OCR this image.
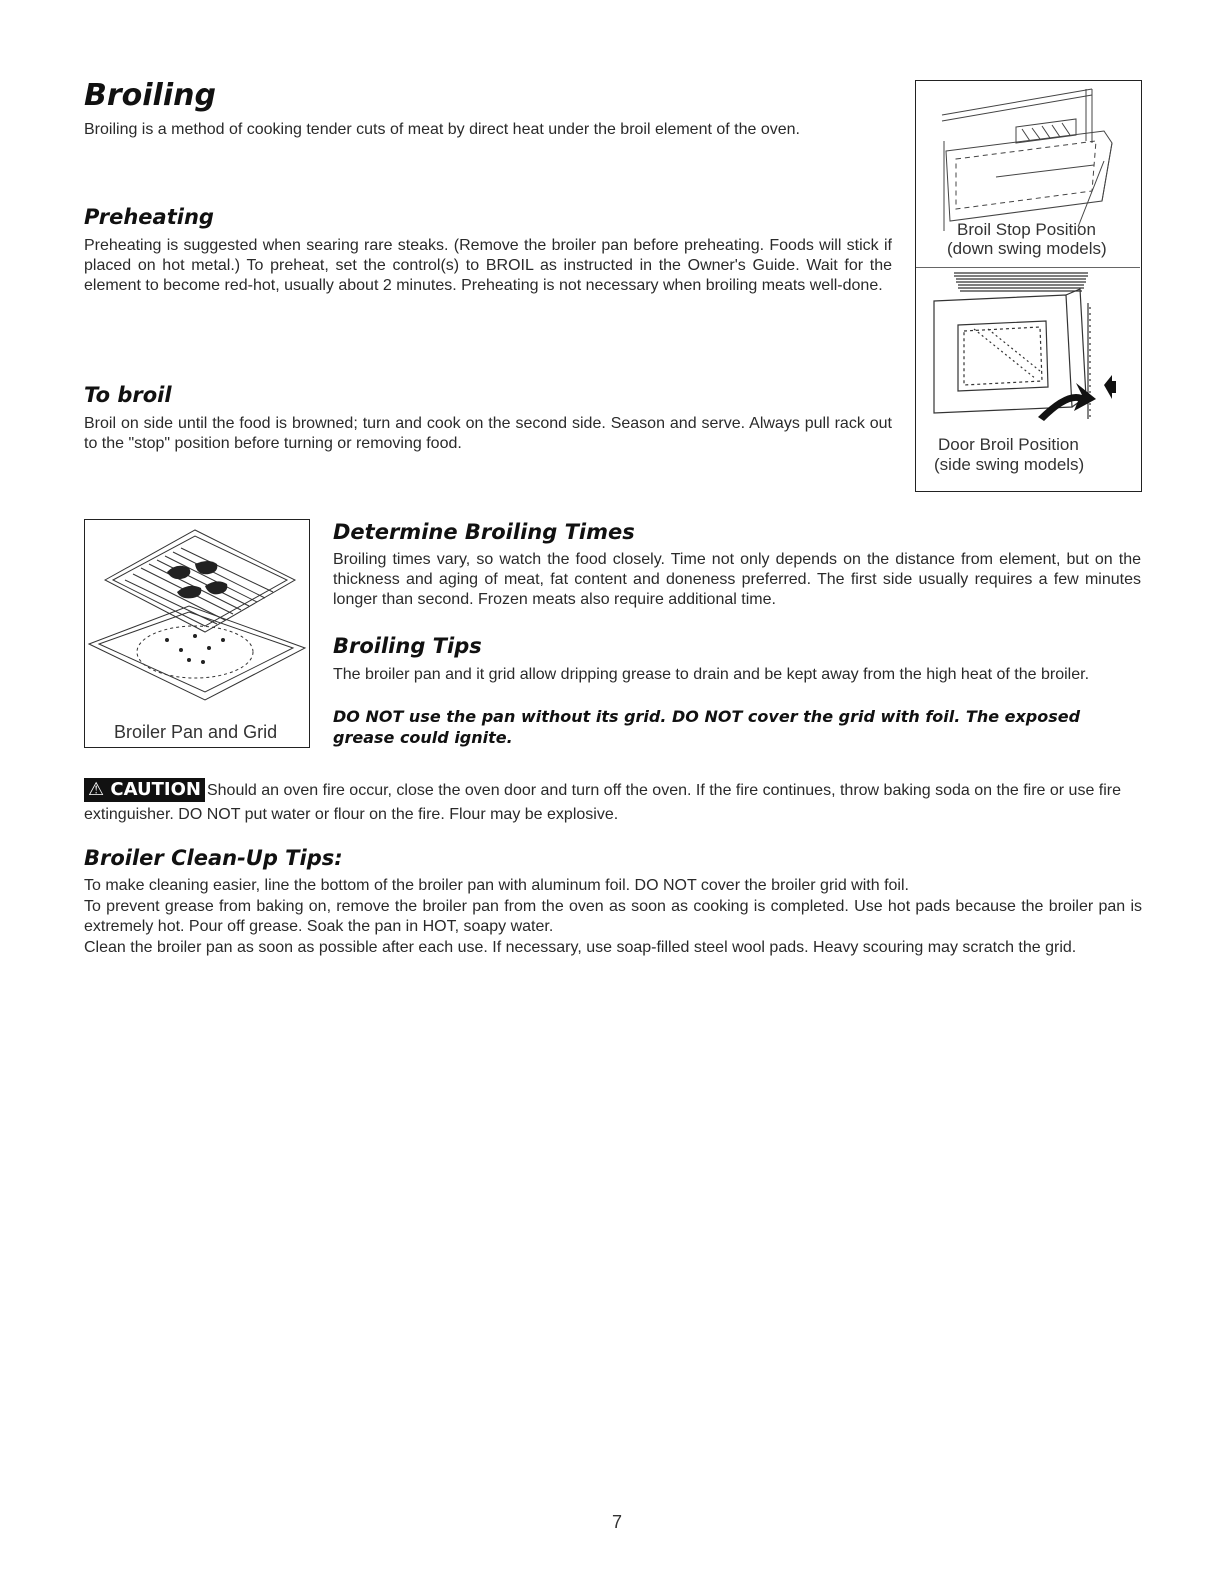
Broiling
Broiling is a method of cooking tender cuts of meat by direct heat under the broil element of the oven.
Preheating
Preheating is suggested when searing rare steaks. (Remove the broiler pan before preheating. Foods will stick if placed on hot metal.) To preheat, set the control(s) to BROIL as instructed in the Owner's Guide. Wait for the element to become red-hot, usually about 2 minutes. Preheating is not necessary when broiling meats well-done.
To broil
Broil on side until the food is browned; turn and cook on the second side. Season and serve. Always pull rack out to the "stop" position before turning or removing food.
Broil Stop Position
(down swing models)
Door Broil Position
(side swing models)
Broiler Pan and Grid
Determine Broiling Times
Broiling times vary, so watch the food closely. Time not only depends on the distance from element, but on the thickness and aging of meat, fat content and doneness preferred. The first side usually requires a few minutes longer than second. Frozen meats also require additional time.
Broiling Tips
The broiler pan and it grid allow dripping grease to drain and be kept away from the high heat of the broiler.
DO NOT use the pan without its grid. DO NOT cover the grid with foil. The exposed grease could ignite.
⚠ CAUTION Should an oven fire occur, close the oven door and turn off the oven. If the fire continues, throw baking soda on the fire or use fire extinguisher. DO NOT put water or flour on the fire. Flour may be explosive.
Broiler Clean-Up Tips:
To make cleaning easier, line the bottom of the broiler pan with aluminum foil. DO NOT cover the broiler grid with foil.
To prevent grease from baking on, remove the broiler pan from the oven as soon as cooking is completed. Use hot pads because the broiler pan is extremely hot. Pour off grease. Soak the pan in HOT, soapy water.
Clean the broiler pan as soon as possible after each use. If necessary, use soap-filled steel wool pads. Heavy scouring may scratch the grid.
7
